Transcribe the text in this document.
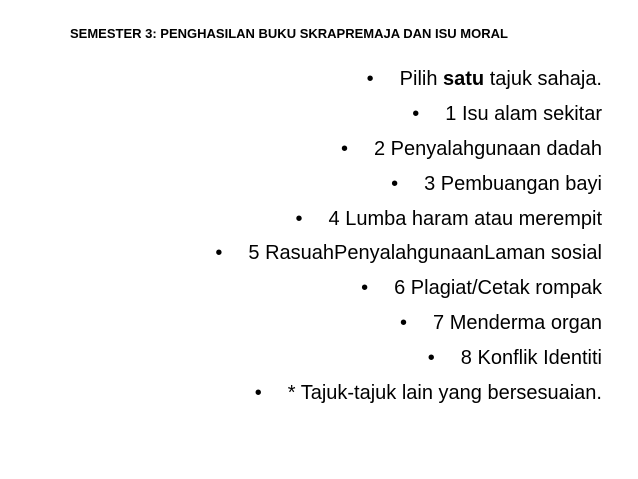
SEMESTER 3: PENGHASILAN BUKU SKRAPREMAJA DAN ISU MORAL
• Pilih satu tajuk sahaja.
• 1 Isu alam sekitar
• 2 Penyalahgunaan dadah
• 3 Pembuangan bayi
• 4 Lumba haram atau merempit
• 5 RasuahPenyalahgunaanLaman sosial
• 6 Plagiat/Cetak rompak
• 7 Menderma organ
• 8 Konflik Identiti
• * Tajuk-tajuk lain yang bersesuaian.
